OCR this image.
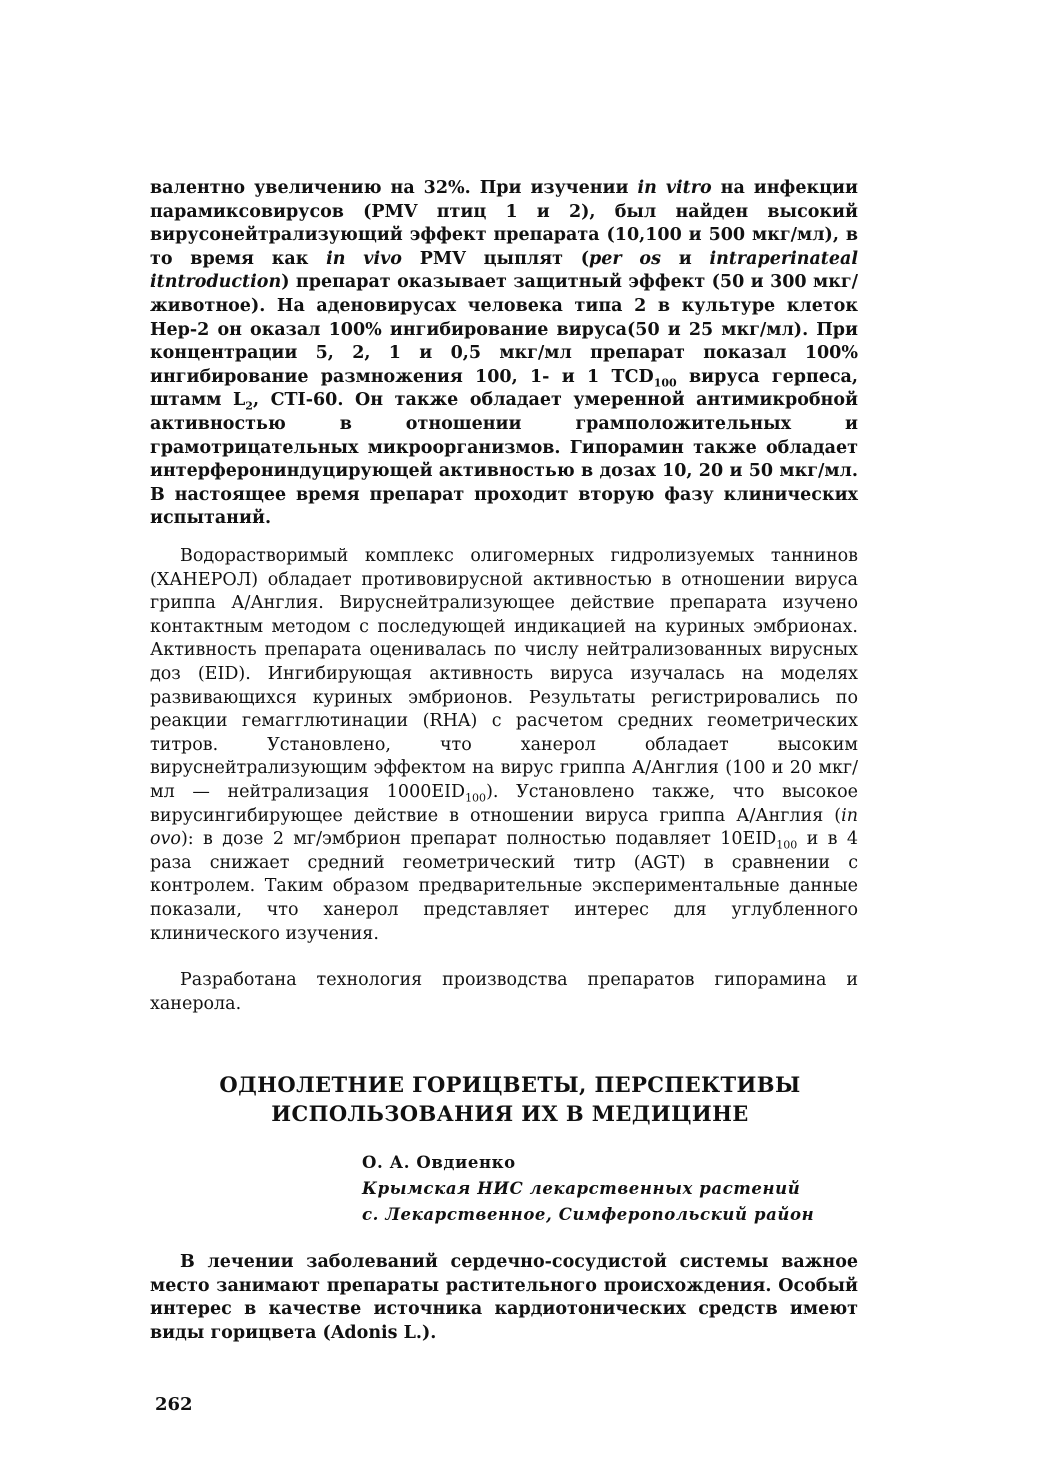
валентно увеличению на 32%. При изучении in vitro на инфекции парамиксовирусов (PMV птиц 1 и 2), был найден высокий вирусонейтрализующий эффект препарата (10,100 и 500 мкг/мл), в то время как in vivo PMV цыплят (per os и intraperinateal itntroduction) препарат оказывает защитный эффект (50 и 300 мкг/животное). На аденовирусах человека типа 2 в культуре клеток Нер-2 он оказал 100% ингибирование вируса(50 и 25 мкг/мл). При концентрации 5, 2, 1 и 0,5 мкг/мл препарат показал 100% ингибирование размножения 100, 1- и 1 $TCD_{100}$ вируса герпеса, штамм $L_2$, CTI-60. Он также обладает умеренной антимикробной активностью в отношении грамположительных и грамотрицательных микроорганизмов. Гипорамин также обладает интерферониндуцирующей активностью в дозах 10, 20 и 50 мкг/мл. В настоящее время препарат проходит вторую фазу клинических испытаний.

Водорастворимый комплекс олигомерных гидролизуемых таннинов (ХАНЕРОЛ) обладает противовирусной активностью в отношении вируса гриппа А/Англия. Вируснейтрализующее действие препарата изучено контактным методом с последующей индикацией на куриных эмбрионах. Активность препарата оценивалась по числу нейтрализованных вирусных доз (EID). Ингибирующая активность вируса изучалась на моделях развивающихся куриных эмбрионов. Результаты регистрировались по реакции гемагглютинации (RHA) с расчетом средних геометрических титров. Установлено, что ханерол обладает высоким вируснейтрализующим эффектом на вирус гриппа А/Англия (100 и 20 мкг/мл — нейтрализация $1000EID_{100}$). Установлено также, что высокое вирусингибирующее действие в отношении вируса гриппа А/Англия (in ovo): в дозе 2 мг/эмбрион препарат полностью подавляет $10EID_{100}$ и в 4 раза снижает средний геометрический титр (AGT) в сравнении с контролем. Таким образом предварительные экспериментальные данные показали, что ханерол представляет интерес для углубленного клинического изучения.

Разработана технология производства препаратов гипорамина и ханерола.

ОДНОЛЕТНИЕ ГОРИЦВЕТЫ, ПЕРСПЕКТИВЫ
ИСПОЛЬЗОВАНИЯ ИХ В МЕДИЦИНЕ
О. А. Овдиенко
Крымская НИС лекарственных растений
с. Лекарственное, Симферопольский район

В лечении заболеваний сердечно-сосудистой системы важное место занимают препараты растительного происхождения. Особый интерес в качестве источника кардиотонических средств имеют виды горицвета (Adonis L.).

262
